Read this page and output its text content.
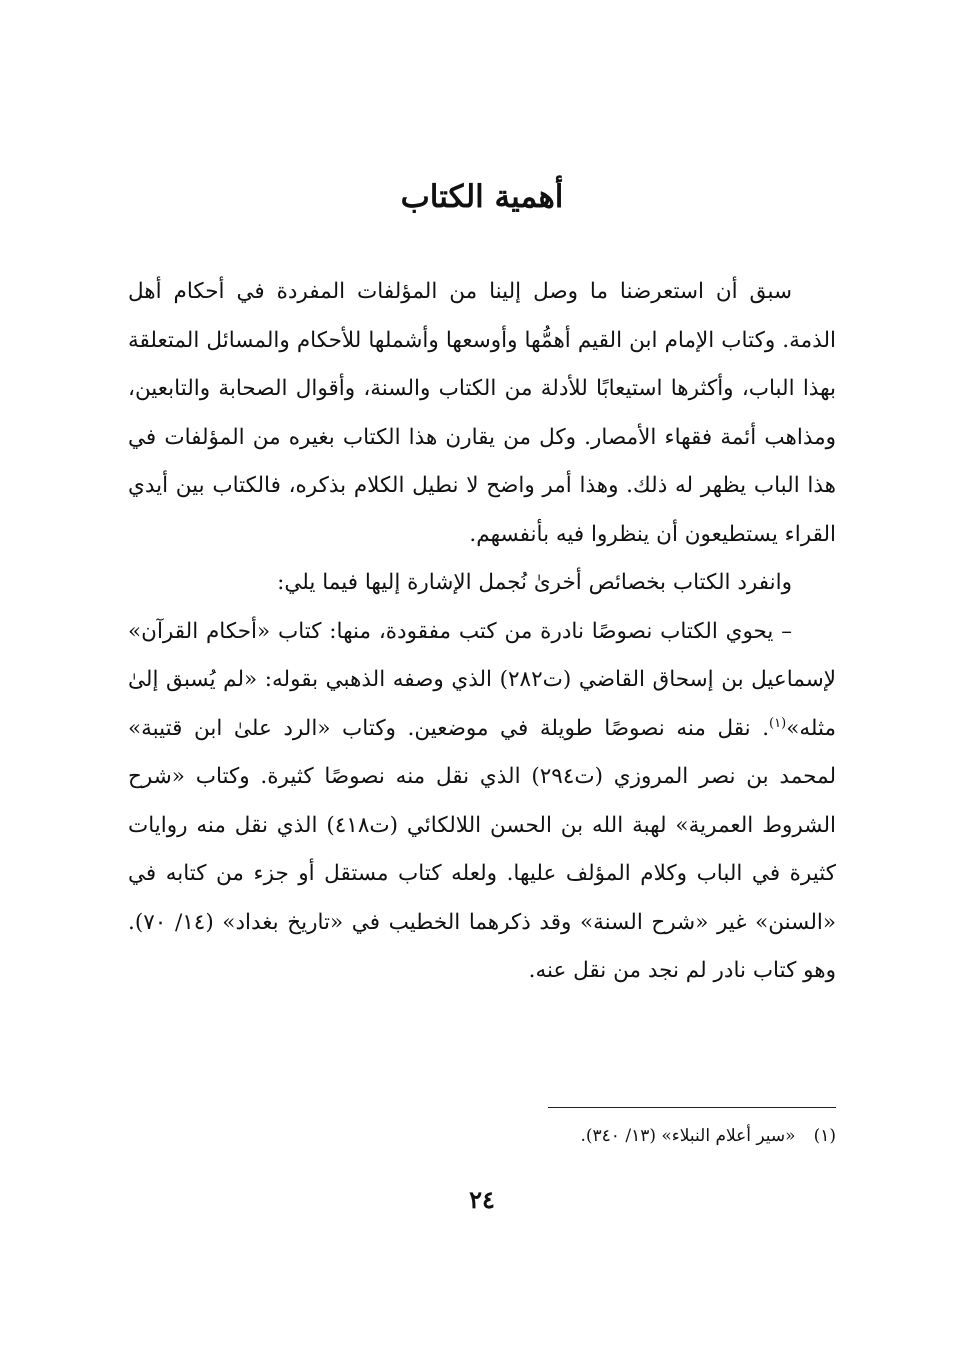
أهمية الكتاب

سبق أن استعرضنا ما وصل إلينا من المؤلفات المفردة في أحكام أهل الذمة. وكتاب الإمام ابن القيم أهمُّها وأوسعها وأشملها للأحكام والمسائل المتعلقة بهذا الباب، وأكثرها استيعابًا للأدلة من الكتاب والسنة، وأقوال الصحابة والتابعين، ومذاهب أئمة فقهاء الأمصار. وكل من يقارن هذا الكتاب بغيره من المؤلفات في هذا الباب يظهر له ذلك. وهذا أمر واضح لا نطيل الكلام بذكره، فالكتاب بين أيدي القراء يستطيعون أن ينظروا فيه بأنفسهم.

وانفرد الكتاب بخصائص أخرىٰ نُجمل الإشارة إليها فيما يلي:

– يحوي الكتاب نصوصًا نادرة من كتب مفقودة، منها: كتاب «أحكام القرآن» لإسماعيل بن إسحاق القاضي (ت٢٨٢) الذي وصفه الذهبي بقوله: «لم يُسبق إلىٰ مثله»$^{(١)}$. نقل منه نصوصًا طويلة في موضعين. وكتاب «الرد علىٰ ابن قتيبة» لمحمد بن نصر المروزي (ت٢٩٤) الذي نقل منه نصوصًا كثيرة. وكتاب «شرح الشروط العمرية» لهبة الله بن الحسن اللالكائي (ت٤١٨) الذي نقل منه روايات كثيرة في الباب وكلام المؤلف عليها. ولعله كتاب مستقل أو جزء من كتابه في «السنن» غير «شرح السنة» وقد ذكرهما الخطيب في «تاريخ بغداد» (١٤/ ٧٠). وهو كتاب نادر لم نجد من نقل عنه.

(١)«سير أعلام النبلاء» (١٣/ ٣٤٠).
٢٤
